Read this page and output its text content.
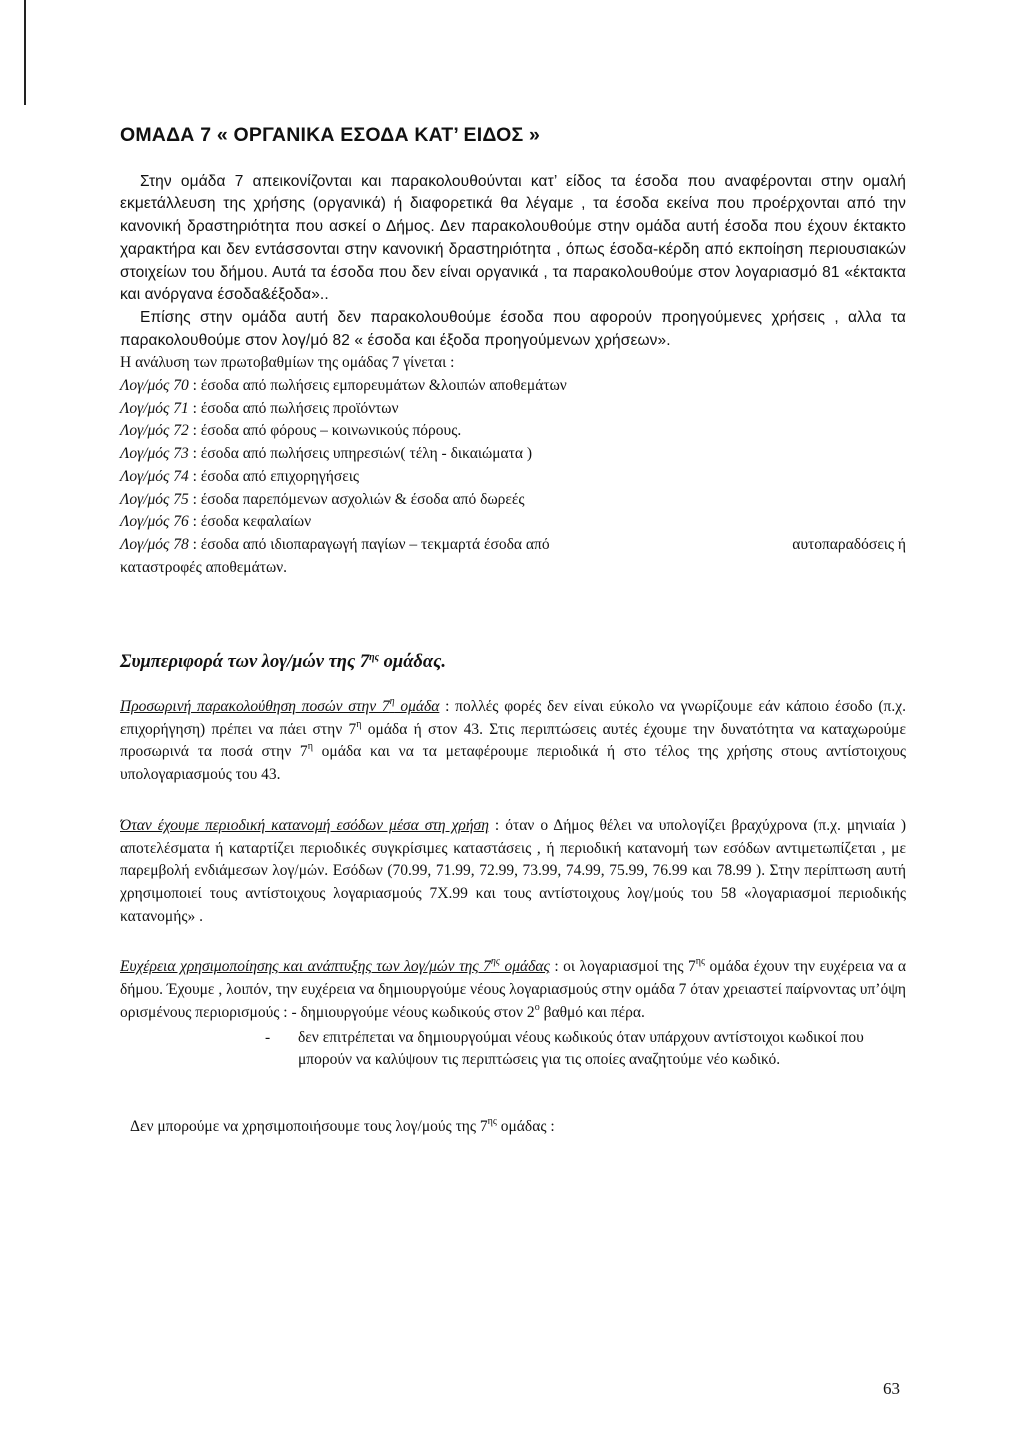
ΟΜΑΔΑ 7 « ΟΡΓΑΝΙΚΑ ΕΣΟΔΑ ΚΑΤ’ ΕΙΔΟΣ »

Στην ομάδα 7 απεικονίζονται και παρακολουθούνται κατ’ είδος τα έσοδα που αναφέρονται στην ομαλή εκμετάλλευση της χρήσης (οργανικά) ή διαφορετικά θα λέγαμε , τα έσοδα εκείνα που προέρχονται από την κανονική δραστηριότητα που ασκεί ο Δήμος. Δεν παρακολουθούμε στην ομάδα αυτή έσοδα που έχουν έκτακτο χαρακτήρα και δεν εντάσσονται στην κανονική δραστηριότητα , όπως έσοδα-κέρδη από εκποίηση περιουσιακών στοιχείων του δήμου. Αυτά τα έσοδα που δεν είναι οργανικά , τα παρακολουθούμε στον λογαριασμό 81 «έκτακτα και ανόργανα έσοδα&έξοδα»..

Επίσης στην ομάδα αυτή δεν παρακολουθούμε έσοδα που αφορούν προηγούμενες χρήσεις , αλλα τα παρακολουθούμε στον λογ/μό 82 « έσοδα και έξοδα προηγούμενων χρήσεων».

Η ανάλυση των πρωτοβαθμίων της ομάδας 7 γίνεται :

Λογ/μός 70 : έσοδα από πωλήσεις εμπορευμάτων &λοιπών αποθεμάτων
Λογ/μός 71 : έσοδα από πωλήσεις προϊόντων
Λογ/μός 72 : έσοδα από φόρους – κοινωνικούς πόρους.
Λογ/μός 73 : έσοδα από πωλήσεις υπηρεσιών( τέλη - δικαιώματα )
Λογ/μός 74 : έσοδα από επιχορηγήσεις
Λογ/μός 75 : έσοδα παρεπόμενων ασχολιών & έσοδα από δωρεές
Λογ/μός 76 : έσοδα κεφαλαίων
Λογ/μός 78 : έσοδα από ιδιοπαραγωγή παγίων – τεκμαρτά έσοδα από	αυτοπαραδόσεις ή
καταστροφές αποθεμάτων.
Συμπεριφορά των λογ/μών της $7^{\eta\varsigma}$ ομάδας.

Προσωρινή παρακολούθηση ποσών στην $7^\eta$ ομάδα : πολλές φορές δεν είναι εύκολο να γνωρίζουμε εάν κάποιο έσοδο (π.χ. επιχορήγηση) πρέπει να πάει στην $7^\eta$ ομάδα ή στον 43. Στις περιπτώσεις αυτές έχουμε την δυνατότητα να καταχωρούμε προσωρινά τα ποσά στην $7^\eta$ ομάδα και να τα μεταφέρουμε περιοδικά ή στο τέλος της χρήσης στους αντίστοιχους υπολογαριασμούς του 43.

Όταν έχουμε περιοδική κατανομή εσόδων μέσα στη χρήση : όταν ο Δήμος θέλει να υπολογίζει βραχύχρονα (π.χ. μηνιαία ) αποτελέσματα ή καταρτίζει περιοδικές συγκρίσιμες καταστάσεις , ή περιοδική κατανομή των εσόδων αντιμετωπίζεται , με παρεμβολή ενδιάμεσων λογ/μών. Εσόδων (70.99, 71.99, 72.99, 73.99, 74.99, 75.99, 76.99 και 78.99 ). Στην περίπτωση αυτή χρησιμοποιεί τους αντίστοιχους λογαριασμούς 7Χ.99 και τους αντίστοιχους λογ/μούς του 58 «λογαριασμοί περιοδικής κατανομής» .

Ευχέρεια χρησιμοποίησης και ανάπτυξης των λογ/μών της $7^{\eta\varsigma}$ ομάδας : οι λογαριασμοί της $7^{\eta\varsigma}$ ομάδα έχουν την ευχέρεια να α δήμου. Έχουμε , λοιπόν, την ευχέρεια να δημιουργούμε νέους λογαριασμούς στην ομάδα 7 όταν χρειαστεί παίρνοντας υπ’όψη ορισμένους περιορισμούς : - δημιουργούμε νέους κωδικούς στον $2^o$ βαθμό και πέρα.

-	δεν επιτρέπεται να δημιουργούμαι νέους κωδικούς όταν υπάρχουν αντίστοιχοι κωδικοί που μπορούν να καλύψουν τις περιπτώσεις για τις οποίες αναζητούμε νέο κωδικό.

Δεν μπορούμε να χρησιμοποιήσουμε τους λογ/μούς της $7^{\eta\varsigma}$ ομάδας :

63
